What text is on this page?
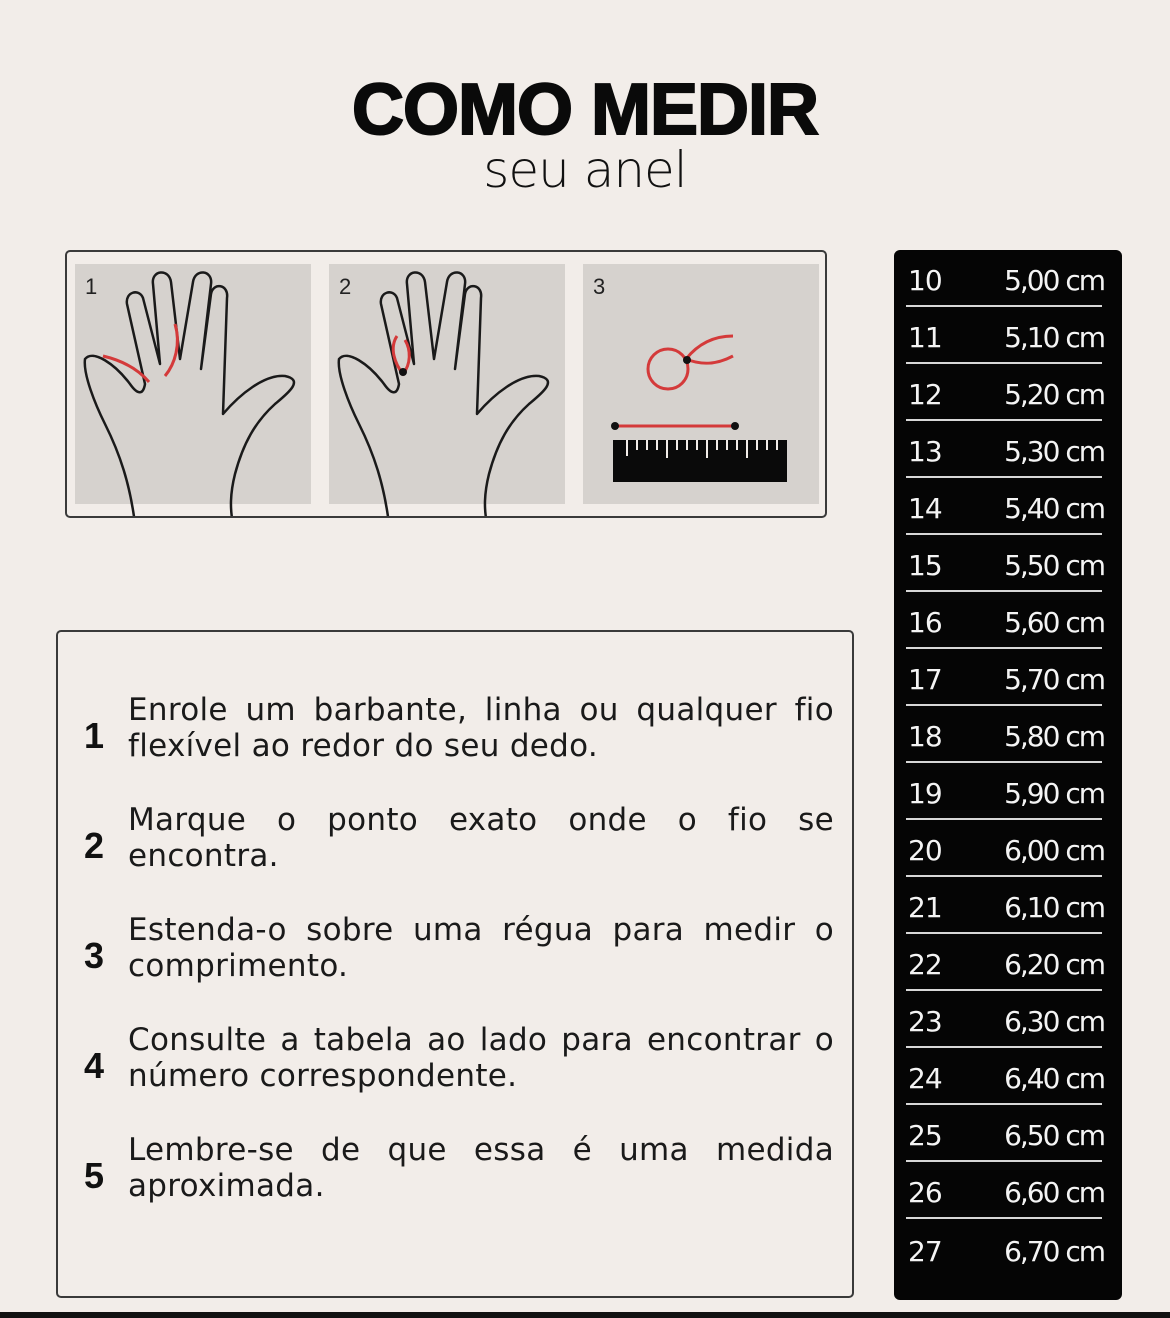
COMO MEDIR
seu anel
1	2	3
1
Enrole um barbante, linha ou qualquer fio flexível ao redor do seu dedo.
2
Marque o ponto exato onde o fio se encontra.
3
Estenda-o sobre uma régua para medir o comprimento.
4
Consulte a tabela ao lado para encontrar o número correspondente.
5
Lembre-se de que essa é uma medida aproximada.
10 5,00 cm
11 5,10 cm
12 5,20 cm
13 5,30 cm
14 5,40 cm
15 5,50 cm
16 5,60 cm
17 5,70 cm
18 5,80 cm
19 5,90 cm
20 6,00 cm
21 6,10 cm
22 6,20 cm
23 6,30 cm
24 6,40 cm
25 6,50 cm
26 6,60 cm
27 6,70 cm
